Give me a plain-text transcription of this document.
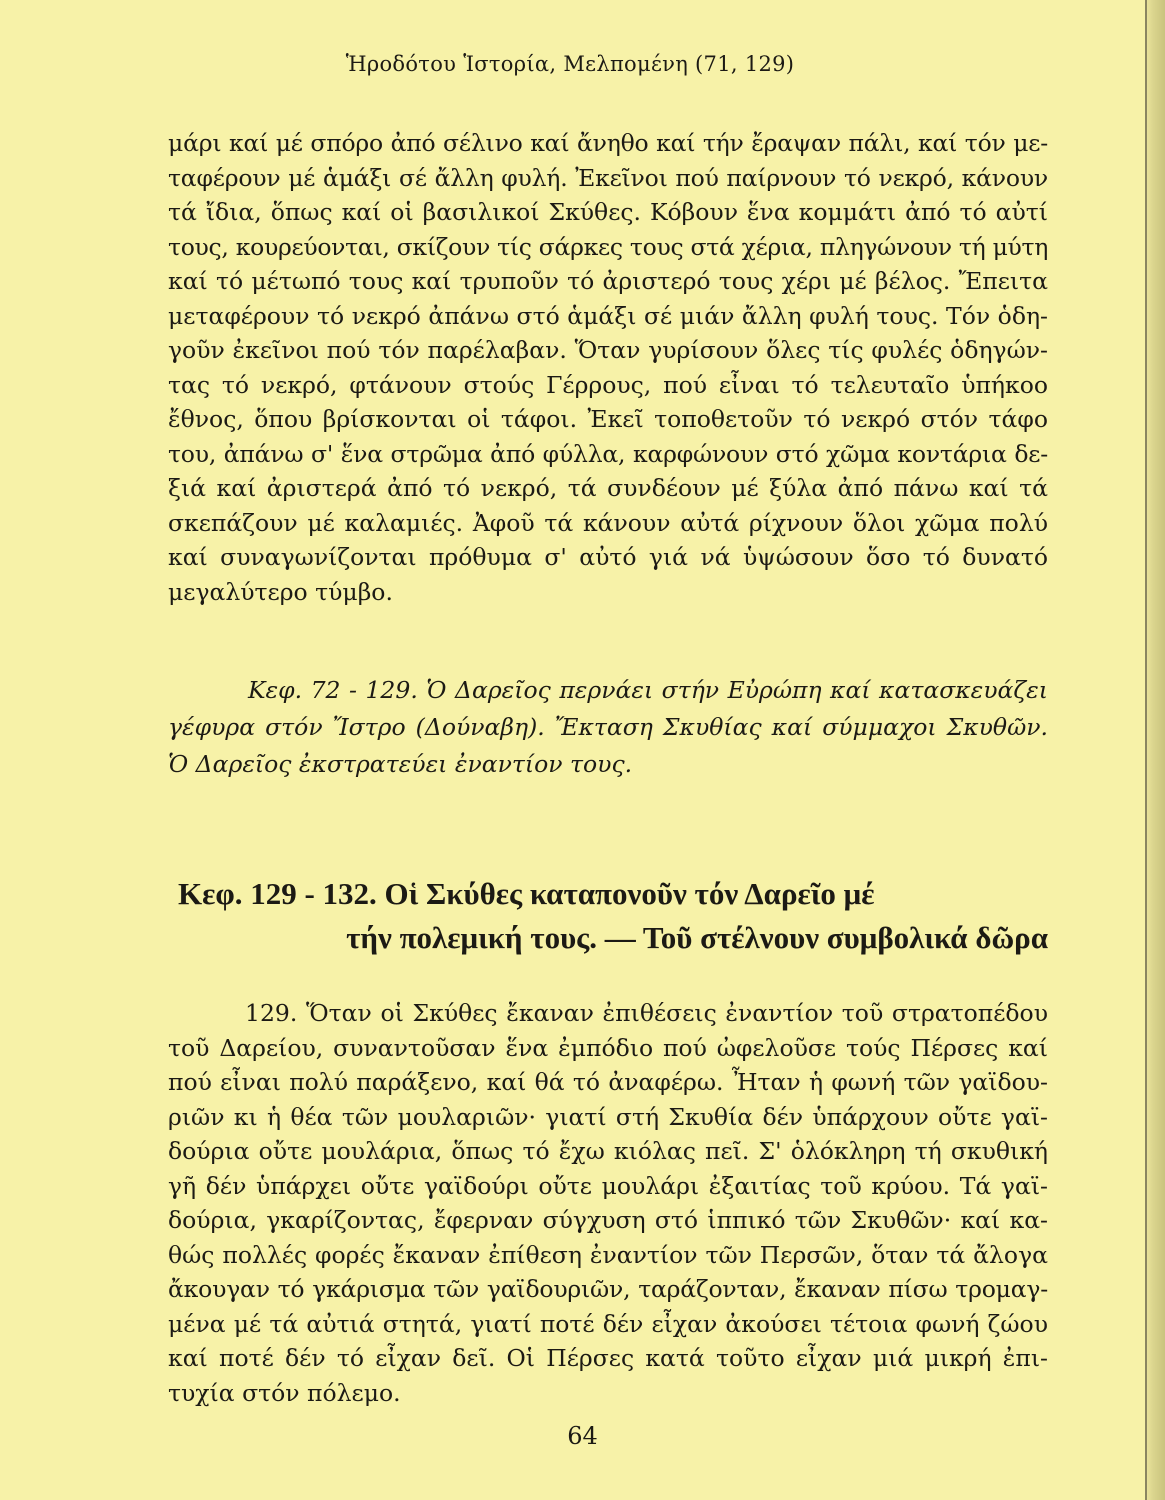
Ἡροδότου Ἱστορία, Μελπομένη (71, 129)
μάρι καί μέ σπόρο ἀπό σέλινο καί ἄνηθο καί τήν ἔραψαν πάλι, καί τόν με-
ταφέρουν μέ ἁμάξι σέ ἄλλη φυλή. Ἐκεῖνοι πού παίρνουν τό νεκρό, κάνουν
τά ἴδια, ὅπως καί οἱ βασιλικοί Σκύθες. Κόβουν ἕνα κομμάτι ἀπό τό αὐτί
τους, κουρεύονται, σκίζουν τίς σάρκες τους στά χέρια, πληγώνουν τή μύτη
καί τό μέτωπό τους καί τρυποῦν τό ἀριστερό τους χέρι μέ βέλος. Ἔπειτα
μεταφέρουν τό νεκρό ἀπάνω στό ἁμάξι σέ μιάν ἄλλη φυλή τους. Τόν ὁδη-
γοῦν ἐκεῖνοι πού τόν παρέλαβαν. Ὅταν γυρίσουν ὅλες τίς φυλές ὁδηγών-
τας τό νεκρό, φτάνουν στούς Γέρρους, πού εἶναι τό τελευταῖο ὑπήκοο
ἔθνος, ὅπου βρίσκονται οἱ τάφοι. Ἐκεῖ τοποθετοῦν τό νεκρό στόν τάφο
του, ἀπάνω σ' ἕνα στρῶμα ἀπό φύλλα, καρφώνουν στό χῶμα κοντάρια δε-
ξιά καί ἀριστερά ἀπό τό νεκρό, τά συνδέουν μέ ξύλα ἀπό πάνω καί τά
σκεπάζουν μέ καλαμιές. Ἀφοῦ τά κάνουν αὐτά ρίχνουν ὅλοι χῶμα πολύ
καί συναγωνίζονται πρόθυμα σ' αὐτό γιά νά ὑψώσουν ὅσο τό δυνατό
μεγαλύτερο τύμβο.
Κεφ. 72 - 129. Ὁ Δαρεῖος περνάει στήν Εὐρώπη καί κατασκευάζει
γέφυρα στόν Ἴστρο (Δούναβη). Ἔκταση Σκυθίας καί σύμμαχοι Σκυθῶν.
Ὁ Δαρεῖος ἐκστρατεύει ἐναντίον τους.
Κεφ. 129 - 132. Οἱ Σκύθες καταπονοῦν τόν Δαρεῖο μέ
τήν πολεμική τους. — Τοῦ στέλνουν συμβολικά δῶρα
129. Ὅταν οἱ Σκύθες ἔκαναν ἐπιθέσεις ἐναντίον τοῦ στρατοπέδου
τοῦ Δαρείου, συναντοῦσαν ἕνα ἐμπόδιο πού ὠφελοῦσε τούς Πέρσες καί
πού εἶναι πολύ παράξενο, καί θά τό ἀναφέρω. Ἦταν ἡ φωνή τῶν γαϊδου-
ριῶν κι ἡ θέα τῶν μουλαριῶν· γιατί στή Σκυθία δέν ὑπάρχουν οὔτε γαϊ-
δούρια οὔτε μουλάρια, ὅπως τό ἔχω κιόλας πεῖ. Σ' ὁλόκληρη τή σκυθική
γῆ δέν ὑπάρχει οὔτε γαϊδούρι οὔτε μουλάρι ἐξαιτίας τοῦ κρύου. Τά γαϊ-
δούρια, γκαρίζοντας, ἔφερναν σύγχυση στό ἱππικό τῶν Σκυθῶν· καί κα-
θώς πολλές φορές ἔκαναν ἐπίθεση ἐναντίον τῶν Περσῶν, ὅταν τά ἄλογα
ἄκουγαν τό γκάρισμα τῶν γαϊδουριῶν, ταράζονταν, ἔκαναν πίσω τρομαγ-
μένα μέ τά αὐτιά στητά, γιατί ποτέ δέν εἶχαν ἀκούσει τέτοια φωνή ζώου
καί ποτέ δέν τό εἶχαν δεῖ. Οἱ Πέρσες κατά τοῦτο εἶχαν μιά μικρή ἐπι-
τυχία στόν πόλεμο.
64
